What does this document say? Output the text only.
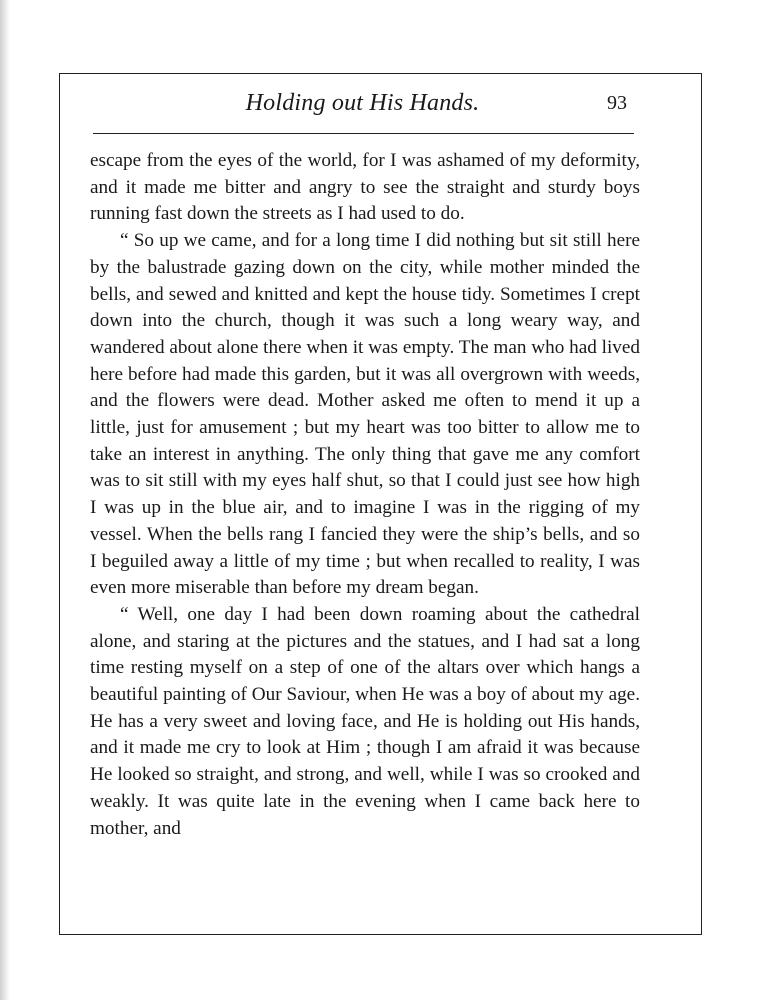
Holding out His Hands.	93

escape from the eyes of the world, for I was ashamed of my deformity, and it made me bitter and angry to see the straight and sturdy boys running fast down the streets as I had used to do.

“ So up we came, and for a long time I did nothing but sit still here by the balustrade gazing down on the city, while mother minded the bells, and sewed and knitted and kept the house tidy. Sometimes I crept down into the church, though it was such a long weary way, and wandered about alone there when it was empty. The man who had lived here before had made this garden, but it was all overgrown with weeds, and the flowers were dead. Mother asked me often to mend it up a little, just for amusement ; but my heart was too bitter to allow me to take an interest in anything. The only thing that gave me any comfort was to sit still with my eyes half shut, so that I could just see how high I was up in the blue air, and to imagine I was in the rigging of my vessel. When the bells rang I fancied they were the ship’s bells, and so I beguiled away a little of my time ; but when recalled to reality, I was even more miserable than before my dream began.

“ Well, one day I had been down roaming about the cathedral alone, and staring at the pictures and the statues, and I had sat a long time resting myself on a step of one of the altars over which hangs a beautiful painting of Our Saviour, when He was a boy of about my age. He has a very sweet and loving face, and He is holding out His hands, and it made me cry to look at Him ; though I am afraid it was because He looked so straight, and strong, and well, while I was so crooked and weakly. It was quite late in the evening when I came back here to mother, and
